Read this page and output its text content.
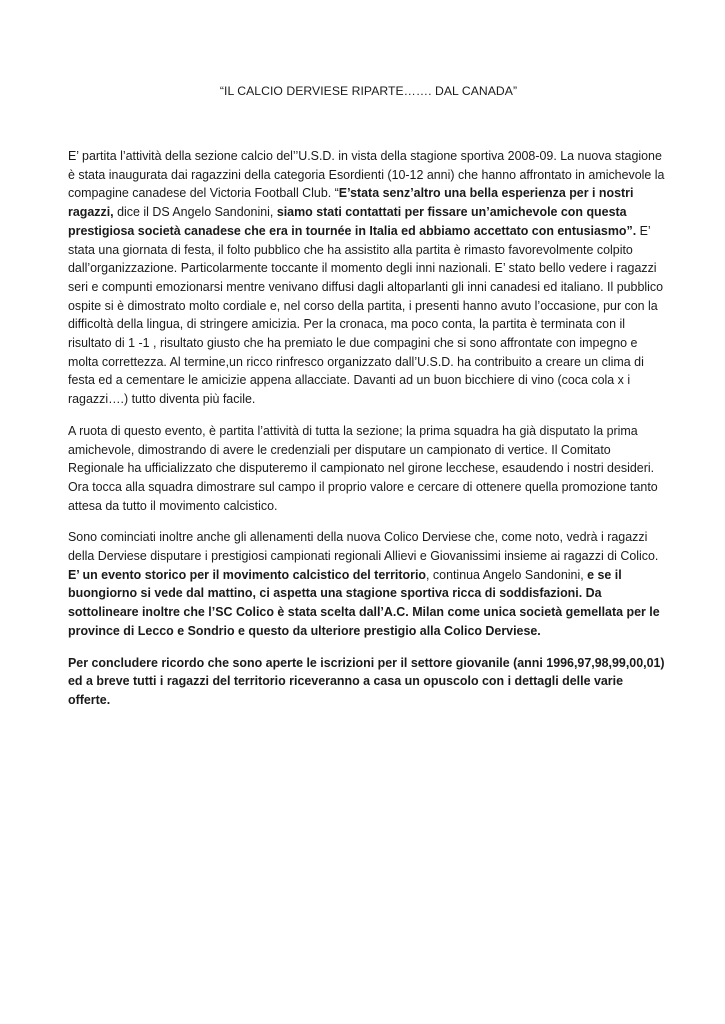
“IL CALCIO DERVIESE RIPARTE……. DAL CANADA”

E’ partita l’attività della sezione calcio del’’U.S.D. in vista della stagione sportiva 2008-09. La nuova stagione è stata inaugurata dai ragazzini della categoria Esordienti (10-12 anni) che hanno affrontato in amichevole la compagine canadese del Victoria Football Club. “E’stata senz’altro una bella esperienza per i nostri ragazzi, dice il DS Angelo Sandonini, siamo stati contattati per fissare un’amichevole con questa prestigiosa società canadese che era in tournée in Italia ed abbiamo accettato con entusiasmo”. E’ stata una giornata di festa, il folto pubblico che ha assistito alla partita è rimasto favorevolmente colpito dall’organizzazione. Particolarmente toccante il momento degli inni nazionali. E’ stato bello vedere i ragazzi seri e compunti emozionarsi mentre venivano diffusi dagli altoparlanti gli inni canadesi ed italiano. Il pubblico ospite si è dimostrato molto cordiale e, nel corso della partita, i presenti hanno avuto l’occasione, pur con la difficoltà della lingua, di stringere amicizia. Per la cronaca, ma poco conta, la partita è terminata con il risultato di 1 -1 , risultato giusto che ha premiato le due compagini che si sono affrontate con impegno e molta correttezza. Al termine,un ricco rinfresco organizzato dall’U.S.D. ha contribuito a creare un clima di festa ed a cementare le amicizie appena allacciate. Davanti ad un buon bicchiere di vino (coca cola x i ragazzi….) tutto diventa più facile.

A ruota di questo evento, è partita l’attività di tutta la sezione; la prima squadra ha già disputato la prima amichevole, dimostrando di avere le credenziali per disputare un campionato di vertice. Il Comitato Regionale ha ufficializzato che disputeremo il campionato nel girone lecchese, esaudendo i nostri desideri. Ora tocca alla squadra dimostrare sul campo il proprio valore e cercare di ottenere quella promozione tanto attesa da tutto il movimento calcistico.

Sono cominciati inoltre anche gli allenamenti della nuova Colico Derviese che, come noto, vedrà i ragazzi della Derviese disputare i prestigiosi campionati regionali Allievi e Giovanissimi insieme ai ragazzi di Colico. E’ un evento storico per il movimento calcistico del territorio, continua Angelo Sandonini, e se il buongiorno si vede dal mattino, ci aspetta una stagione sportiva ricca di soddisfazioni. Da sottolineare inoltre che l’SC Colico è stata scelta dall’A.C. Milan come unica società gemellata per le province di Lecco e Sondrio e questo da ulteriore prestigio alla Colico Derviese.

Per concludere ricordo che sono aperte le iscrizioni per il settore giovanile (anni 1996,97,98,99,00,01) ed a breve tutti i ragazzi del territorio riceveranno a casa un opuscolo con i dettagli delle varie offerte.
